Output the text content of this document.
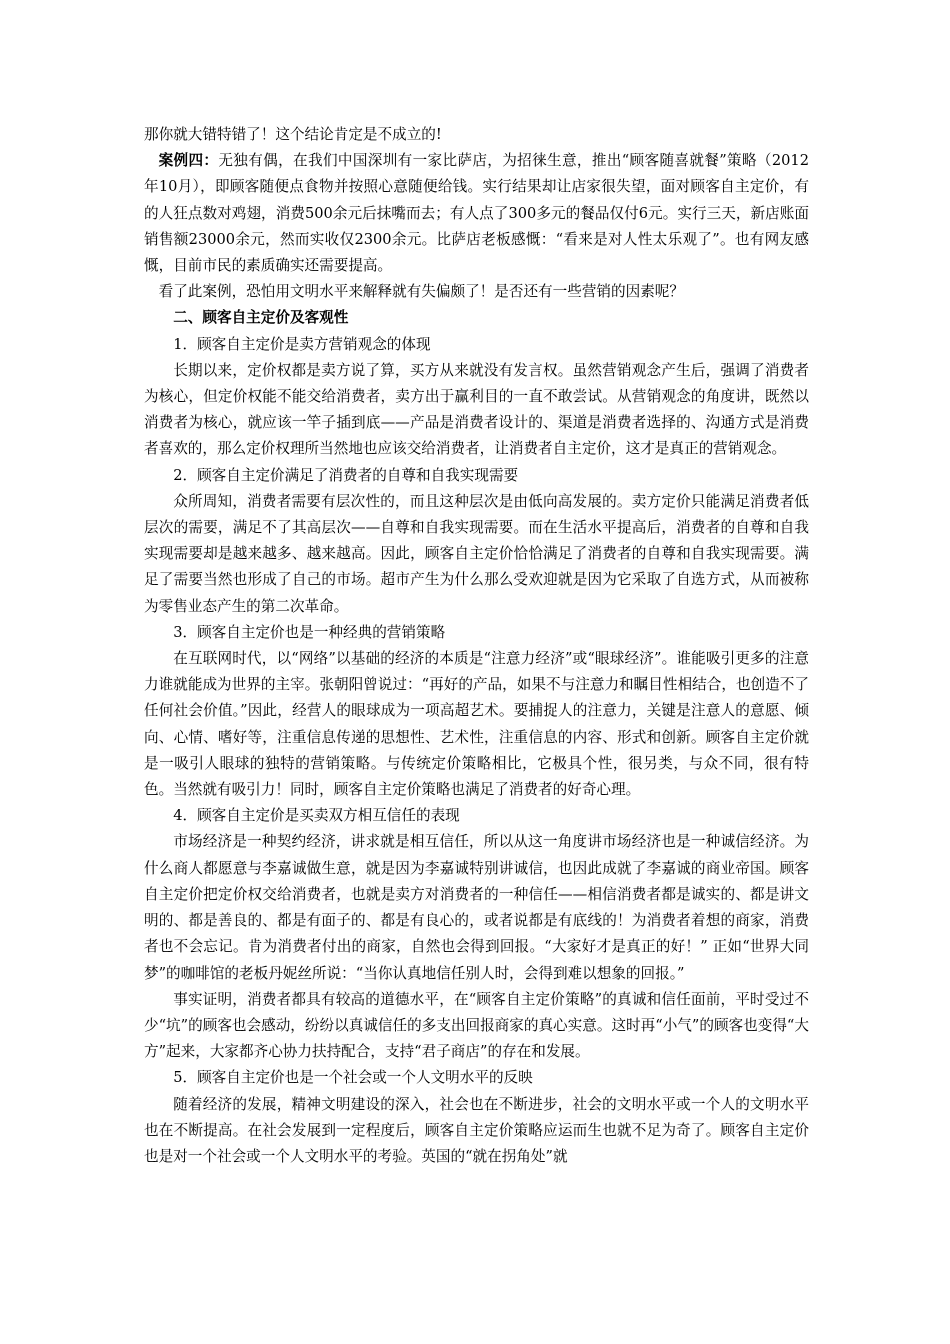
那你就大错特错了！这个结论肯定是不成立的!

案例四：无独有偶，在我们中国深圳有一家比萨店，为招徕生意，推出“顾客随喜就餐”策略（2012年10月），即顾客随便点食物并按照心意随便给钱。实行结果却让店家很失望，面对顾客自主定价，有的人狂点数对鸡翅，消费500余元后抹嘴而去；有人点了300多元的餐品仅付6元。实行三天，新店账面销售额23000余元，然而实收仅2300余元。比萨店老板感慨：“看来是对人性太乐观了”。也有网友感慨，目前市民的素质确实还需要提高。

看了此案例，恐怕用文明水平来解释就有失偏颇了！是否还有一些营销的因素呢？

二、顾客自主定价及客观性

1．顾客自主定价是卖方营销观念的体现

长期以来，定价权都是卖方说了算，买方从来就没有发言权。虽然营销观念产生后，强调了消费者为核心，但定价权能不能交给消费者，卖方出于赢利目的一直不敢尝试。从营销观念的角度讲，既然以消费者为核心，就应该一竿子插到底——产品是消费者设计的、渠道是消费者选择的、沟通方式是消费者喜欢的，那么定价权理所当然地也应该交给消费者，让消费者自主定价，这才是真正的营销观念。

2．顾客自主定价满足了消费者的自尊和自我实现需要

众所周知，消费者需要有层次性的，而且这种层次是由低向高发展的。卖方定价只能满足消费者低层次的需要，满足不了其高层次——自尊和自我实现需要。而在生活水平提高后，消费者的自尊和自我实现需要却是越来越多、越来越高。因此，顾客自主定价恰恰满足了消费者的自尊和自我实现需要。满足了需要当然也形成了自己的市场。超市产生为什么那么受欢迎就是因为它采取了自选方式，从而被称为零售业态产生的第二次革命。

3．顾客自主定价也是一种经典的营销策略

在互联网时代，以“网络”以基础的经济的本质是“注意力经济”或“眼球经济”。谁能吸引更多的注意力谁就能成为世界的主宰。张朝阳曾说过：“再好的产品，如果不与注意力和瞩目性相结合，也创造不了任何社会价值。”因此，经营人的眼球成为一项高超艺术。要捕捉人的注意力，关键是注意人的意愿、倾向、心情、嗜好等，注重信息传递的思想性、艺术性，注重信息的内容、形式和创新。顾客自主定价就是一吸引人眼球的独特的营销策略。与传统定价策略相比，它极具个性，很另类，与众不同，很有特色。当然就有吸引力！同时，顾客自主定价策略也满足了消费者的好奇心理。

4．顾客自主定价是买卖双方相互信任的表现

市场经济是一种契约经济，讲求就是相互信任，所以从这一角度讲市场经济也是一种诚信经济。为什么商人都愿意与李嘉诚做生意，就是因为李嘉诚特别讲诚信，也因此成就了李嘉诚的商业帝国。顾客自主定价把定价权交给消费者，也就是卖方对消费者的一种信任——相信消费者都是诚实的、都是讲文明的、都是善良的、都是有面子的、都是有良心的，或者说都是有底线的！为消费者着想的商家，消费者也不会忘记。肯为消费者付出的商家，自然也会得到回报。“大家好才是真正的好！” 正如“世界大同梦”的咖啡馆的老板丹妮丝所说：“当你认真地信任别人时，会得到难以想象的回报。”

事实证明，消费者都具有较高的道德水平，在“顾客自主定价策略”的真诚和信任面前，平时受过不少“坑”的顾客也会感动，纷纷以真诚信任的多支出回报商家的真心实意。这时再“小气”的顾客也变得“大方”起来，大家都齐心协力扶持配合，支持“君子商店”的存在和发展。

5．顾客自主定价也是一个社会或一个人文明水平的反映

随着经济的发展，精神文明建设的深入，社会也在不断进步，社会的文明水平或一个人的文明水平也在不断提高。在社会发展到一定程度后，顾客自主定价策略应运而生也就不足为奇了。顾客自主定价也是对一个社会或一个人文明水平的考验。英国的“就在拐角处”就
